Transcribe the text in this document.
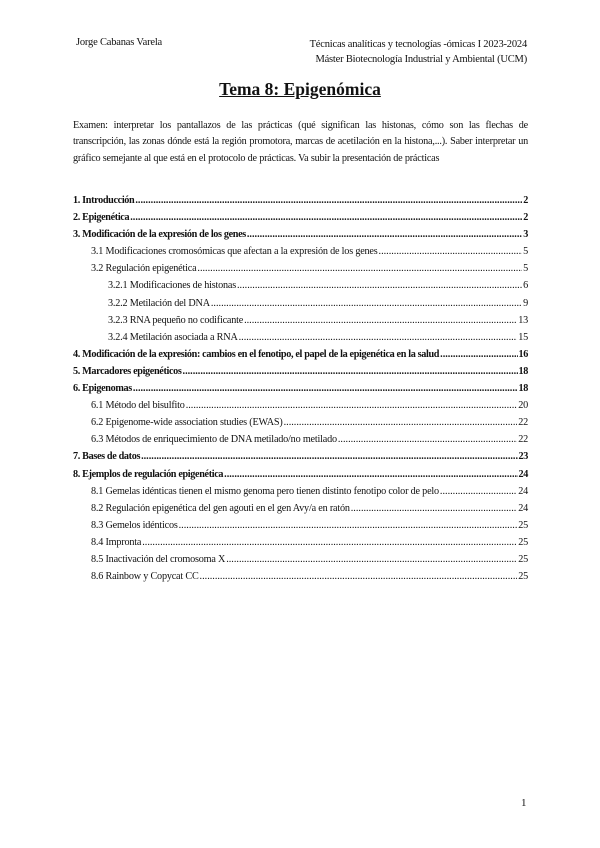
Jorge Cabanas Varela	Técnicas analíticas y tecnologías -ómicas I 2023-2024
Máster Biotecnología Industrial y Ambiental (UCM)
Tema 8: Epigenómica
Examen: interpretar los pantallazos de las prácticas (qué significan las histonas, cómo son las flechas de transcripción, las zonas dónde está la región promotora, marcas de acetilación en la histona,...). Saber interpretar un gráfico semejante al que está en el protocolo de prácticas. Va subir la presentación de prácticas
1. Introducción .....	2
2. Epigenética .....	2
3. Modificación de la expresión de los genes .....	3
3.1 Modificaciones cromosómicas que afectan a la expresión de los genes .....	5
3.2 Regulación epigenética .....	5
3.2.1 Modificaciones de histonas .....	6
3.2.2 Metilación del DNA .....	9
3.2.3 RNA pequeño no codificante .....	13
3.2.4 Metilación asociada a RNA .....	15
4. Modificación de la expresión: cambios en el fenotipo, el papel de la epigenética en la salud .....	16
5. Marcadores epigenéticos .....	18
6. Epigenomas .....	18
6.1 Método del bisulfito .....	20
6.2 Epigenome-wide association studies (EWAS) .....	22
6.3 Métodos de enriquecimiento de DNA metilado/no metilado .....	22
7. Bases de datos .....	23
8. Ejemplos de regulación epigenética .....	24
8.1 Gemelas idénticas tienen el mismo genoma pero tienen distinto fenotipo color de pelo .....	24
8.2 Regulación epigenética del gen agouti en el gen Avy/a en ratón .....	24
8.3 Gemelos idénticos .....	25
8.4 Impronta .....	25
8.5 Inactivación del cromosoma X .....	25
8.6 Rainbow y Copycat CC .....	25
1
